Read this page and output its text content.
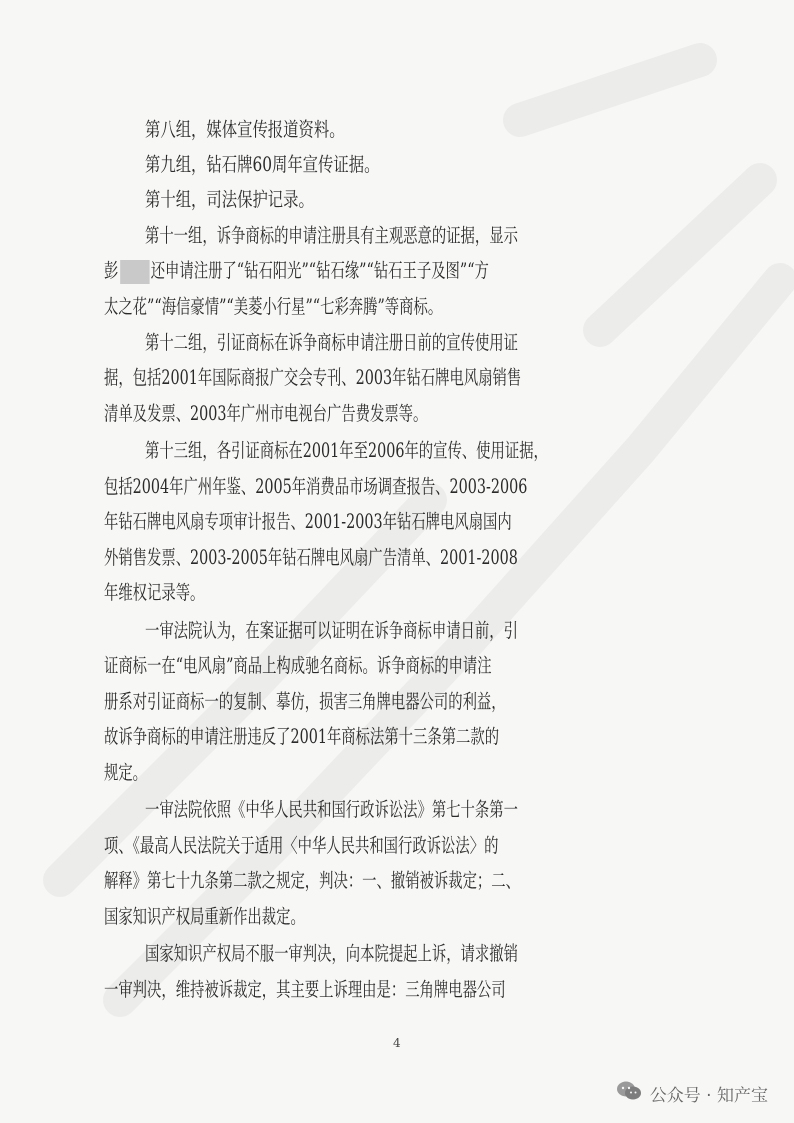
第八组，媒体宣传报道资料。
第九组，钻石牌60周年宣传证据。
第十组，司法保护记录。
第十一组，诉争商标的申请注册具有主观恶意的证据，显示
彭 还申请注册了“钻石阳光”“钻石缘”“钻石王子及图”“方
太之花”“海信豪情”“美菱小行星”“七彩奔腾”等商标。
第十二组，引证商标在诉争商标申请注册日前的宣传使用证
据，包括2001年国际商报广交会专刊、2003年钻石牌电风扇销售
清单及发票、2003年广州市电视台广告费发票等。
第十三组，各引证商标在2001年至2006年的宣传、使用证据，
包括2004年广州年鉴、2005年消费品市场调查报告、2003-2006
年钻石牌电风扇专项审计报告、2001-2003年钻石牌电风扇国内
外销售发票、2003-2005年钻石牌电风扇广告清单、2001-2008
年维权记录等。
一审法院认为，在案证据可以证明在诉争商标申请日前，引
证商标一在“电风扇”商品上构成驰名商标。诉争商标的申请注
册系对引证商标一的复制、摹仿，损害三角牌电器公司的利益，
故诉争商标的申请注册违反了2001年商标法第十三条第二款的
规定。
一审法院依照《中华人民共和国行政诉讼法》第七十条第一
项、《最高人民法院关于适用〈中华人民共和国行政诉讼法〉的
解释》第七十九条第二款之规定，判决：一、撤销被诉裁定；二、
国家知识产权局重新作出裁定。
国家知识产权局不服一审判决，向本院提起上诉，请求撤销
一审判决，维持被诉裁定，其主要上诉理由是：三角牌电器公司
4
公众号 · 知产宝
